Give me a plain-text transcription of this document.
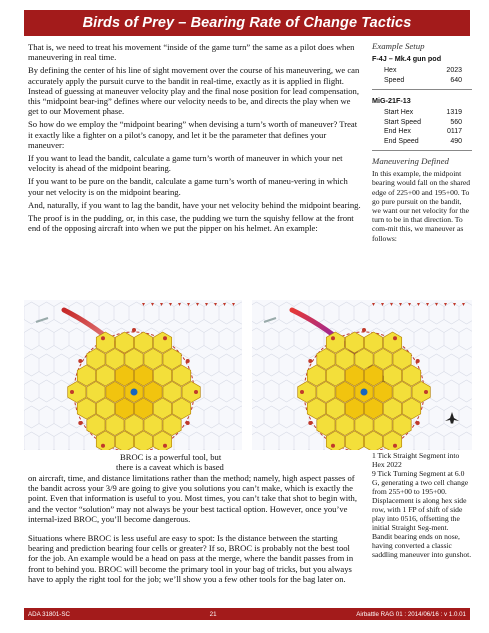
Birds of Prey – Bearing Rate of Change Tactics

That is, we need to treat his movement “inside of the game turn” the same as a pilot does when maneuvering in real time.

By defining the center of his line of sight movement over the course of his maneuvering, we can accurately apply the pursuit curve to the bandit in real-time, exactly as it is applied in flight. Instead of guessing at maneuver velocity play and the final nose position for lead compensation, this “midpoint bear-ing” defines where our velocity needs to be, and directs the play when we get to our Movement phase.

So how do we employ the “midpoint bearing” when devising a turn’s worth of maneuver? Treat it exactly like a fighter on a pilot’s canopy, and let it be the parameter that defines your maneuver:

If you want to lead the bandit, calculate a game turn’s worth of maneuver in which your net velocity is ahead of the midpoint bearing.

If you want to be pure on the bandit, calculate a game turn’s worth of maneu-vering in which your net velocity is on the midpoint bearing.

And, naturally, if you want to lag the bandit, have your net velocity behind the midpoint bearing.

The proof is in the pudding, or, in this case, the pudding we turn the squishy fellow at the front end of the opposing aircraft into when we put the pipper on his helmet. An example:

Example Setup
F-4J – Mk.4 gun pod
Hex	2023
Speed	640
MiG-21F-13
Start Hex	1319
Start Speed	560
End Hex	0117
End Speed	490
Maneuvering Defined

In this example, the midpoint bearing would fall on the shared edge of 225+00 and 195+00. To go pure pursuit on the bandit, we want our net velocity for the turn to be in that direction. To com-mit this, we maneuver as follows:

BROC is a powerful tool, but
there is a caveat which is based
on aircraft, time, and distance limitations rather than the method; namely, high aspect passes of the bandit across your 3/9 are going to give you solutions you can’t make, which is exactly the point. Even that information is useful to you. Most times, you can’t take that shot to begin with, and the vector “solution” may not always be your best tactical option. However, once you’ve internal-ized BROC, you’ll become dangerous.
Situations where BROC is less useful are easy to spot: Is the distance between the starting bearing and prediction bearing four cells or greater? If so, BROC is probably not the best tool for the job. An example would be a head on pass at the merge, where the bandit passes from in front to behind you. BROC will become the primary tool in your bag of tricks, but you always have to apply the right tool for the job; we’ll show you a few other tools for the bag later on.

1 Tick Straight Segment into Hex 2022

9 Tick Turning Segment at 6.0 G, generating a two cell change from 255+00 to 195+00. Displacement is along hex side row, with 1 FP of shift of side play into 0516, offsetting the initial Straight Seg-ment.

Bandit bearing ends on nose, having converted a classic saddling maneuver into gunshot.

ADA 31801-SC	21	Airbattle RAG 01 : 2014/06/16 : v 1.0.01
